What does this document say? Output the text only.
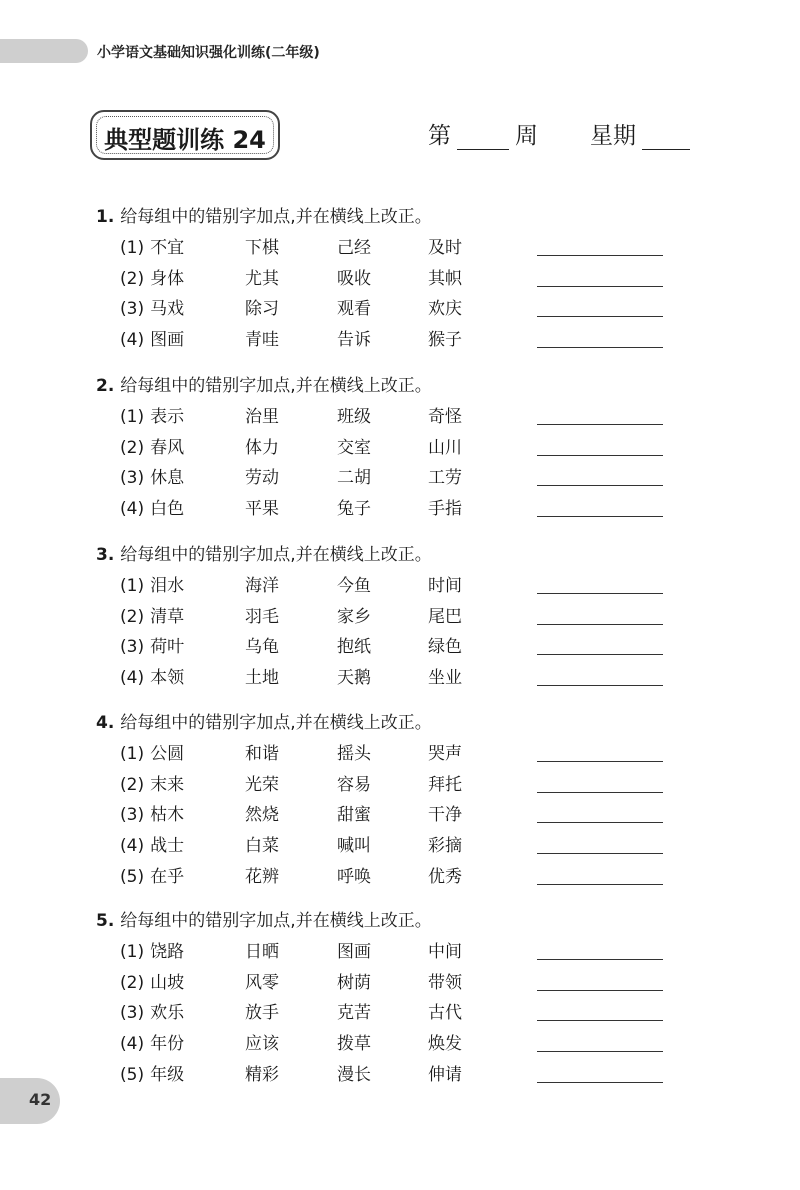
小学语文基础知识强化训练(二年级)
典型题训练 24	第	周 星期
1. 给每组中的错别字加点,并在横线上改正。
(1) 不宜	下棋	己经	及时
(2) 身体	尤其	吸收	其帜
(3) 马戏	除习	观看	欢庆
(4) 图画	青哇	告诉	猴子
2. 给每组中的错别字加点,并在横线上改正。
(1) 表示	治里	班级	奇怪
(2) 春风	体力	交室	山川
(3) 休息	劳动	二胡	工劳
(4) 白色	平果	兔子	手指
3. 给每组中的错别字加点,并在横线上改正。
(1) 泪水	海洋	今鱼	时间
(2) 清草	羽毛	家乡	尾巴
(3) 荷叶	乌龟	抱纸	绿色
(4) 本领	土地	天鹅	坐业
4. 给每组中的错别字加点,并在横线上改正。
(1) 公圆	和谐	摇头	哭声
(2) 末来	光荣	容易	拜托
(3) 枯木	然烧	甜蜜	干净
(4) 战士	白菜	喊叫	彩摘
(5) 在乎	花辨	呼唤	优秀
5. 给每组中的错别字加点,并在横线上改正。
(1) 饶路	日晒	图画	中间
(2) 山坡	风零	树荫	带领
(3) 欢乐	放手	克苦	古代
(4) 年份	应该	拨草	焕发
(5) 年级	精彩	漫长	伸请
42
